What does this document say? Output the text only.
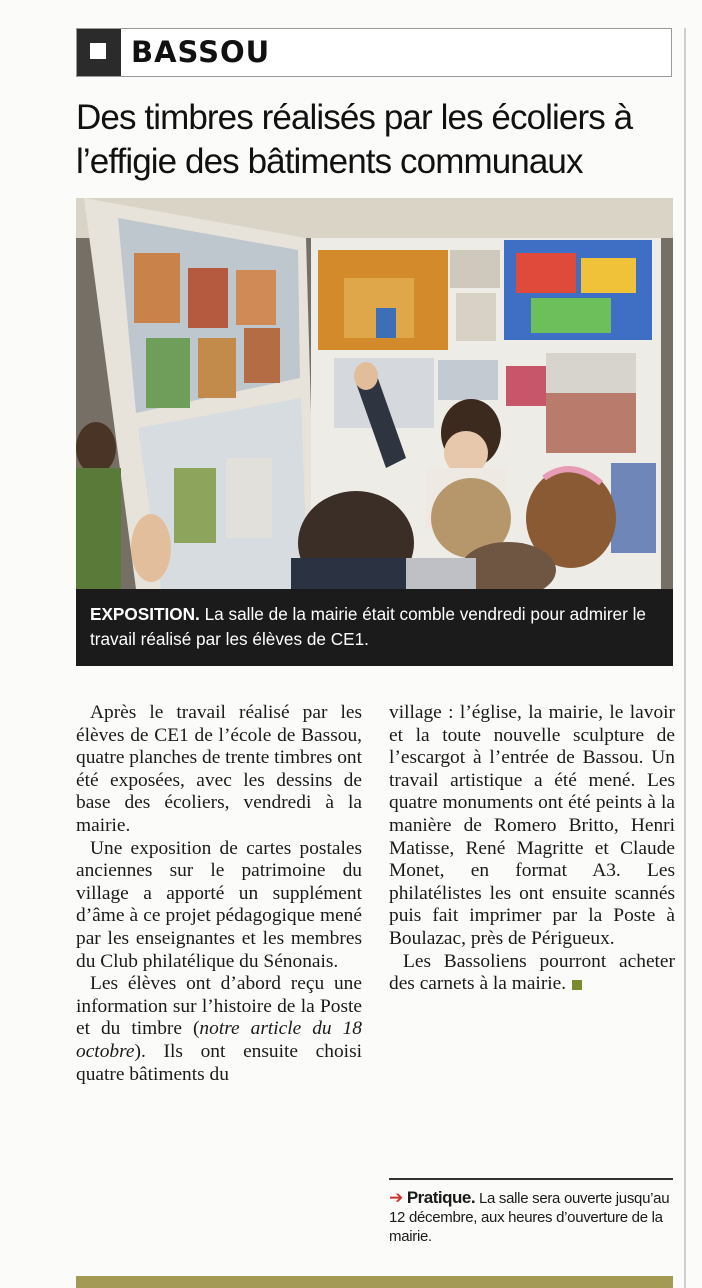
BASSOU
Des timbres réalisés par les écoliers à l’effigie des bâtiments communaux
EXPOSITION. La salle de la mairie était comble vendredi pour admirer le travail réalisé par les élèves de CE1.

Après le travail réalisé par les élèves de CE1 de l’école de Bassou, quatre planches de trente timbres ont été exposées, avec les dessins de base des écoliers, vendredi à la mairie.

Une exposition de cartes postales anciennes sur le patrimoine du village a apporté un supplément d’âme à ce projet pédagogique mené par les enseignantes et les membres du Club philatélique du Sénonais.

Les élèves ont d’abord reçu une information sur l’histoire de la Poste et du timbre (notre article du 18 octobre). Ils ont ensuite choisi quatre bâtiments du

village : l’église, la mairie, le lavoir et la toute nouvelle sculpture de l’escargot à l’entrée de Bassou. Un travail artistique a été mené. Les quatre monuments ont été peints à la manière de Romero Britto, Henri Matisse, René Magritte et Claude Monet, en format A3. Les philatélistes les ont ensuite scannés puis fait imprimer par la Poste à Boulazac, près de Périgueux.

Les Bassoliens pourront acheter des carnets à la mairie.

➔ Pratique. La salle sera ouverte jusqu’au 12 décembre, aux heures d’ouverture de la mairie.
